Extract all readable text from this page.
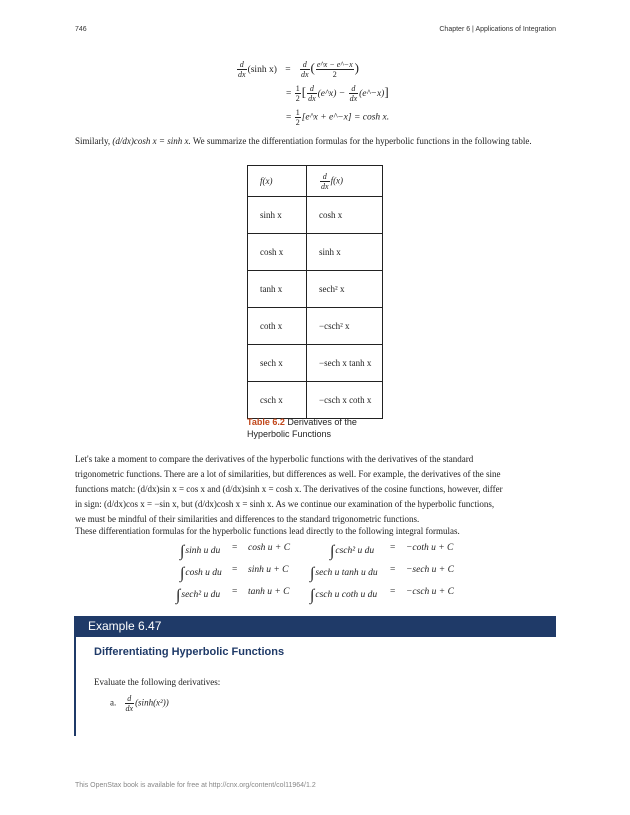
746	Chapter 6 | Applications of Integration
$\frac{d}{dx} (\sinh$ $x) = \frac{d}{dx}$ ( $\frac{e\^{}x - e\^{}-x}{2}$ )
= $\frac{1}{2}$ [ $\frac{d}{dx}$ (e^x) − $\frac{d}{dx}$ (e^−x)]
= $\frac{1}{2}$ [e^x + e^−x] = cosh x.
Similarly, (d/dx)cosh x = sinh x. We summarize the differentiation formulas for the hyperbolic functions in the following table.
f(x)	$\frac{d}{dx} f(x)$
sinh x	cosh x
cosh x	sinh x
tanh x	sech² x
coth x	−csch² x
sech x	−sech x tanh x
csch x	−csch x coth x
Table 6.2 Derivatives of the Hyperbolic Functions
Let's take a moment to compare the derivatives of the hyperbolic functions with the derivatives of the standard
trigonometric functions. There are a lot of similarities, but differences as well. For example, the derivatives of the sine
functions match: (d/dx)sin x = cos x and (d/dx)sinh x = cosh x. The derivatives of the cosine functions, however, differ
in sign: (d/dx)cos x = −sin x, but (d/dx)cosh x = sinh x. As we continue our examination of the hyperbolic functions,
we must be mindful of their similarities and differences to the standard trigonometric functions.
These differentiation formulas for the hyperbolic functions lead directly to the following integral formulas.
∫sinh u du = cosh u + C
∫cosh u du = sinh u + C
∫sech² u du = tanh u + C
∫csch² u du = −coth u + C
∫sech u tanh u du = −sech u + C
∫csch u coth u du = −csch u + C
Example 6.47
Differentiating Hyperbolic Functions
Evaluate the following derivatives:
a. $\frac{d}{dx} (\sinh(x^2))$
This OpenStax book is available for free at http://cnx.org/content/col11964/1.2
